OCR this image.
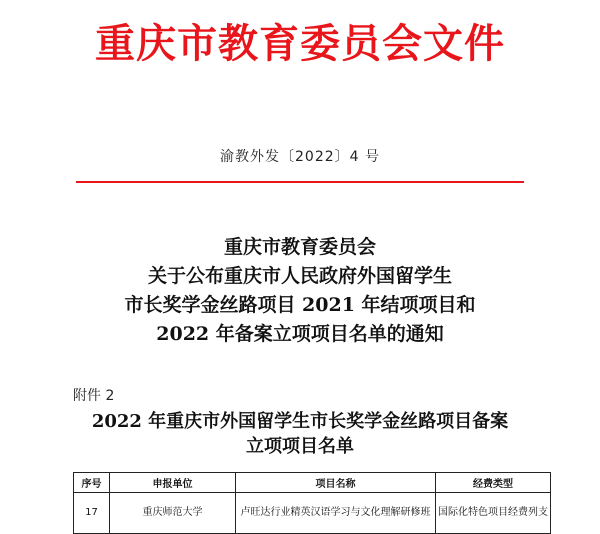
重庆市教育委员会文件
渝教外发〔2022〕4 号
重庆市教育委员会
关于公布重庆市人民政府外国留学生
市长奖学金丝路项目 2021 年结项项目和
2022 年备案立项项目名单的通知
附件 2
2022 年重庆市外国留学生市长奖学金丝路项目备案
立项项目名单
序号	申报单位	项目名称	经费类型
17	重庆师范大学	卢旺达行业精英汉语学习与文化理解研修班	国际化特色项目经费列支
